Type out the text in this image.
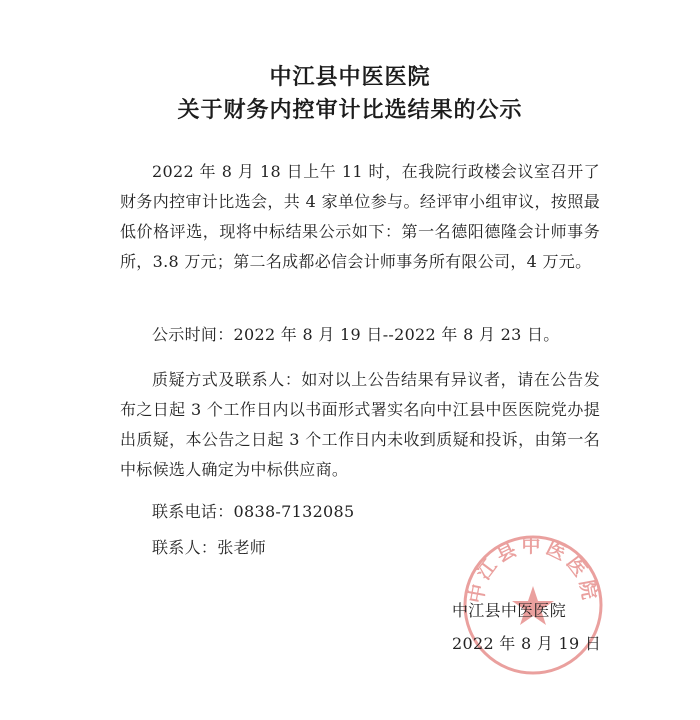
中江县中医医院
关于财务内控审计比选结果的公示

2022 年 8 月 18 日上午 11 时，在我院行政楼会议室召开了财务内控审计比选会，共 4 家单位参与。经评审小组审议，按照最低价格评选，现将中标结果公示如下：第一名德阳德隆会计师事务所，3.8 万元；第二名成都必信会计师事务所有限公司，4 万元。

公示时间：2022 年 8 月 19 日--2022 年 8 月 23 日。

质疑方式及联系人：如对以上公告结果有异议者，请在公告发布之日起 3 个工作日内以书面形式署实名向中江县中医医院党办提出质疑，本公告之日起 3 个工作日内未收到质疑和投诉，由第一名中标候选人确定为中标供应商。

联系电话：0838-7132085
联系人：张老师
中江县中医医院
中江县中医医院
2022 年 8 月 19 日
